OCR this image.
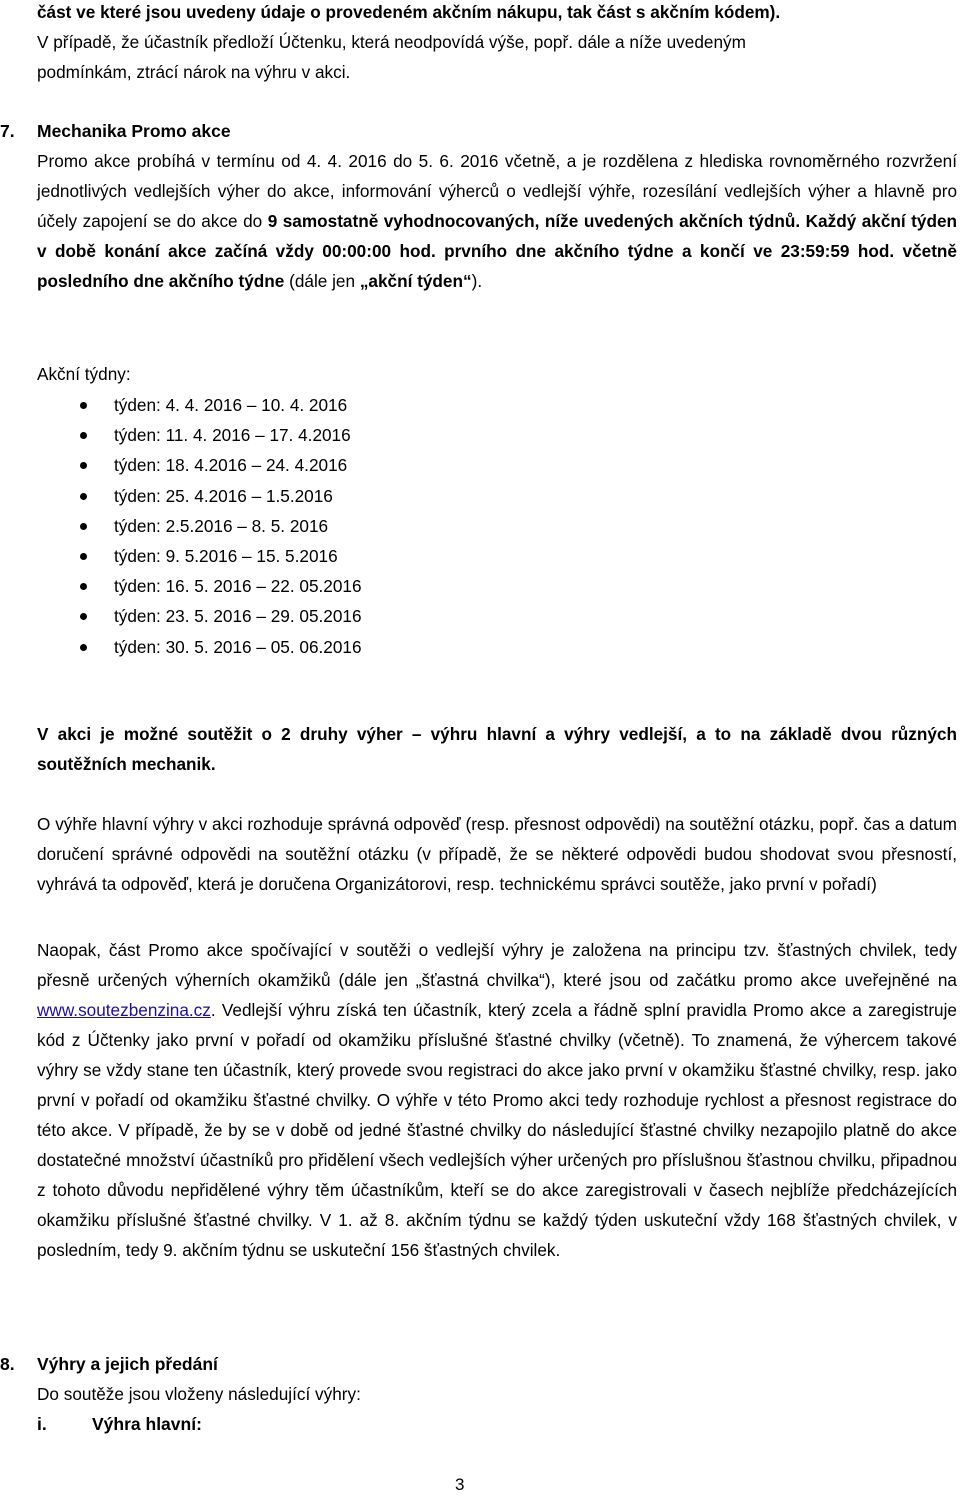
část ve které jsou uvedeny údaje o provedeném akčním nákupu, tak část s akčním kódem).
V případě, že účastník předloží Účtenku, která neodpovídá výše, popř. dále a níže uvedeným
podmínkám, ztrácí nárok na výhru v akci.
7. Mechanika Promo akce
Promo akce probíhá v termínu od 4. 4. 2016 do 5. 6. 2016 včetně, a je rozdělena z hlediska rovnoměrného rozvržení jednotlivých vedlejších výher do akce, informování výherců o vedlejší výhře, rozesílání vedlejších výher a hlavně pro účely zapojení se do akce do 9 samostatně vyhodnocovaných, níže uvedených akčních týdnů. Každý akční týden v době konání akce začíná vždy 00:00:00 hod. prvního dne akčního týdne a končí ve 23:59:59 hod. včetně posledního dne akčního týdne (dále jen „akční týden“).
Akční týdny:
týden: 4. 4. 2016 – 10. 4. 2016
týden: 11. 4. 2016 – 17. 4.2016
týden: 18. 4.2016 – 24. 4.2016
týden: 25. 4.2016 – 1.5.2016
týden: 2.5.2016 – 8. 5. 2016
týden: 9. 5.2016 – 15. 5.2016
týden: 16. 5. 2016 – 22. 05.2016
týden: 23. 5. 2016 – 29. 05.2016
týden: 30. 5. 2016 – 05. 06.2016
V akci je možné soutěžit o 2 druhy výher – výhru hlavní a výhry vedlejší, a to na základě dvou různých soutěžních mechanik.
O výhře hlavní výhry v akci rozhoduje správná odpověď (resp. přesnost odpovědi) na soutěžní otázku, popř. čas a datum doručení správné odpovědi na soutěžní otázku (v případě, že se některé odpovědi budou shodovat svou přesností, vyhrává ta odpověď, která je doručena Organizátorovi, resp. technickému správci soutěže, jako první v pořadí)
Naopak, část Promo akce spočívající v soutěži o vedlejší výhry je založena na principu tzv. šťastných chvilek, tedy přesně určených výherních okamžiků (dále jen „šťastná chvilka“), které jsou od začátku promo akce uveřejněné na www.soutezbenzina.cz. Vedlejší výhru získá ten účastník, který zcela a řádně splní pravidla Promo akce a zaregistruje kód z Účtenky jako první v pořadí od okamžiku příslušné šťastné chvilky (včetně). To znamená, že výhercem takové výhry se vždy stane ten účastník, který provede svou registraci do akce jako první v okamžiku šťastné chvilky, resp. jako první v pořadí od okamžiku šťastné chvilky. O výhře v této Promo akci tedy rozhoduje rychlost a přesnost registrace do této akce. V případě, že by se v době od jedné šťastné chvilky do následující šťastné chvilky nezapojilo platně do akce dostatečné množství účastníků pro přidělení všech vedlejších výher určených pro příslušnou šťastnou chvilku, připadnou z tohoto důvodu nepřidělené výhry těm účastníkům, kteří se do akce zaregistrovali v časech nejblíže předcházejících okamžiku příslušné šťastné chvilky. V 1. až 8. akčním týdnu se každý týden uskuteční vždy 168 šťastných chvilek, v posledním, tedy 9. akčním týdnu se uskuteční 156 šťastných chvilek.
8. Výhry a jejich předání
Do soutěže jsou vloženy následující výhry:
i.	Výhra hlavní:
3
